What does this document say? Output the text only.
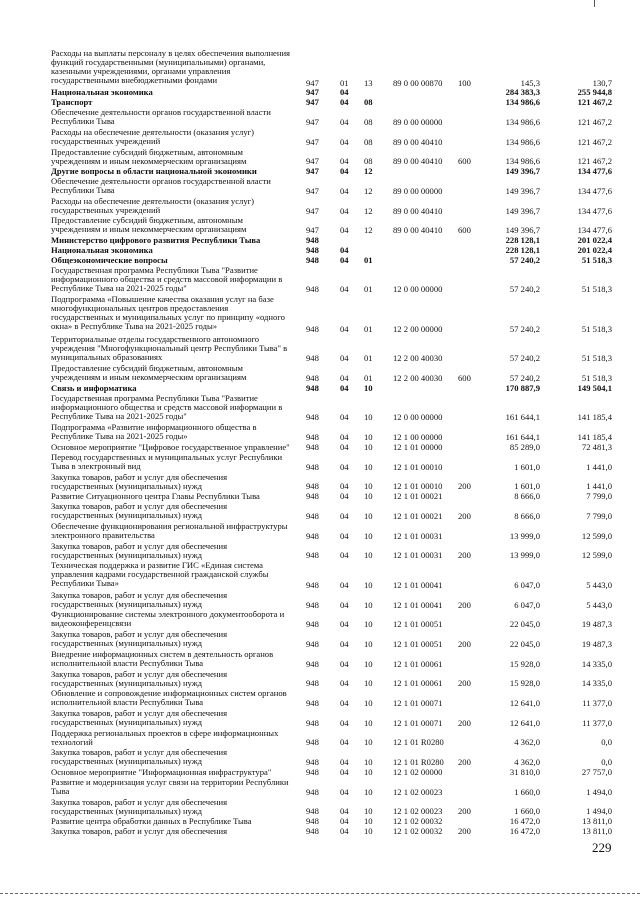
Расходы на выплаты персоналу в целях обеспечения выполнения
функций государственными (муниципальными) органами,
казенными учреждениями, органами управления
государственными внебюджетными фондами	947 01 13 89 0 00 00870	100	145,3	130,7
Национальная экономика	947 04	284 383,3	255 944,8
Транспорт	947 04 08	134 986,6	121 467,2
Обеспечение деятельности органов государственной власти
Республики Тыва	947 04 08 89 0 00 00000	134 986,6	121 467,2
Расходы на обеспечение деятельности (оказания услуг)
государственных учреждений	947 04 08 89 0 00 40410	134 986,6	121 467,2
Предоставление субсидий бюджетным, автономным
учреждениям и иным некоммерческим организациям	947 04 08 89 0 00 40410	600	134 986,6	121 467,2
Другие вопросы в области национальной экономики	947 04 12	149 396,7	134 477,6
Обеспечение деятельности органов государственной власти
Республики Тыва	947 04 12 89 0 00 00000	149 396,7	134 477,6
Расходы на обеспечение деятельности (оказания услуг)
государственных учреждений	947 04 12 89 0 00 40410	149 396,7	134 477,6
Предоставление субсидий бюджетным, автономным
учреждениям и иным некоммерческим организациям	947 04 12 89 0 00 40410	600	149 396,7	134 477,6
Министерство цифрового развития Республики Тыва	948	228 128,1	201 022,4
Национальная экономика	948 04	228 128,1	201 022,4
Общеэкономические вопросы	948 04 01	57 240,2	51 518,3
Государственная программа Республики Тыва "Развитие
информационного общества и средств массовой информации в
Республике Тыва на 2021-2025 годы"	948 04 01 12 0 00 00000	57 240,2	51 518,3
Подпрограмма «Повышение качества оказания услуг на базе
многофункциональных центров предоставления
государственных и муниципальных услуг по принципу «одного
окна» в Республике Тыва на 2021-2025 годы»	948 04 01 12 2 00 00000	57 240,2	51 518,3
Территориальные отделы государственного автономного
учреждения "Многофункциональный центр Республики Тыва" в
муниципальных образованиях	948 04 01 12 2 00 40030	57 240,2	51 518,3
Предоставление субсидий бюджетным, автономным
учреждениям и иным некоммерческим организациям	948 04 01 12 2 00 40030	600	57 240,2	51 518,3
Связь и информатика	948 04 10	170 887,9	149 504,1
Государственная программа Республики Тыва "Развитие
информационного общества и средств массовой информации в
Республике Тыва на 2021-2025 годы"	948 04 10 12 0 00 00000	161 644,1	141 185,4
Подпрограмма «Развитие информационного общества в
Республике Тыва на 2021-2025 годы»	948 04 10 12 1 00 00000	161 644,1	141 185,4
Основное мероприятие "Цифровое государственное управление"	948 04 10 12 1 01 00000	85 289,0	72 481,3
Перевод государственных и муниципальных услуг Республики
Тыва в электронный вид	948 04 10 12 1 01 00010	1 601,0	1 441,0
Закупка товаров, работ и услуг для обеспечения
государственных (муниципальных) нужд	948 04 10 12 1 01 00010	200	1 601,0	1 441,0
Развитие Ситуационного центра Главы Республики Тыва	948 04 10 12 1 01 00021	8 666,0	7 799,0
Закупка товаров, работ и услуг для обеспечения
государственных (муниципальных) нужд	948 04 10 12 1 01 00021	200	8 666,0	7 799,0
Обеспечение функционирования региональной инфраструктуры
электронного правительства	948 04 10 12 1 01 00031	13 999,0	12 599,0
Закупка товаров, работ и услуг для обеспечения
государственных (муниципальных) нужд	948 04 10 12 1 01 00031	200	13 999,0	12 599,0
Техническая поддержка и развитие ГИС «Единая система
управления кадрами государственной гражданской службы
Республики Тыва»	948 04 10 12 1 01 00041	6 047,0	5 443,0
Закупка товаров, работ и услуг для обеспечения
государственных (муниципальных) нужд	948 04 10 12 1 01 00041	200	6 047,0	5 443,0
Функционирование системы электронного документооборота и
видеоконференцсвязи	948 04 10 12 1 01 00051	22 045,0	19 487,3
Закупка товаров, работ и услуг для обеспечения
государственных (муниципальных) нужд	948 04 10 12 1 01 00051	200	22 045,0	19 487,3
Внедрение информационных систем в деятельность органов
исполнительной власти Республики Тыва	948 04 10 12 1 01 00061	15 928,0	14 335,0
Закупка товаров, работ и услуг для обеспечения
государственных (муниципальных) нужд	948 04 10 12 1 01 00061	200	15 928,0	14 335,0
Обновление и сопровождение информационных систем органов
исполнительной власти Республики Тыва	948 04 10 12 1 01 00071	12 641,0	11 377,0
Закупка товаров, работ и услуг для обеспечения
государственных (муниципальных) нужд	948 04 10 12 1 01 00071	200	12 641,0	11 377,0
Поддержка региональных проектов в сфере информационных
технологий	948 04 10 12 1 01 R0280	4 362,0	0,0
Закупка товаров, работ и услуг для обеспечения
государственных (муниципальных) нужд	948 04 10 12 1 01 R0280	200	4 362,0	0,0
Основное мероприятие "Информационная инфраструктура"	948 04 10 12 1 02 00000	31 810,0	27 757,0
Развитие и модернизация услуг связи на территории Республики
Тыва	948 04 10 12 1 02 00023	1 660,0	1 494,0
Закупка товаров, работ и услуг для обеспечения
государственных (муниципальных) нужд	948 04 10 12 1 02 00023	200	1 660,0	1 494,0
Развитие центра обработки данных в Республике Тыва	948 04 10 12 1 02 00032	16 472,0	13 811,0
Закупка товаров, работ и услуг для обеспечения	948 04 10 12 1 02 00032	200	16 472,0	13 811,0
229
